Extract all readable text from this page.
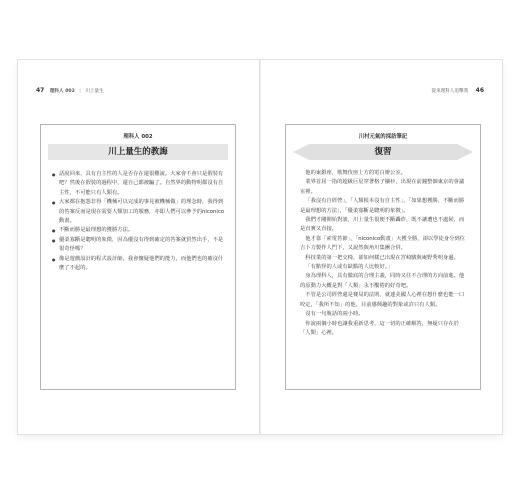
47 理科人 002 | 川上量生
理科人 002
川上量生的教誨
● 話說回來，具有自主性的人是否存在還很難說。大家會不會只是假裝有吧？然後在假裝的過程中，還自己都被騙了。自然界的動物明都沒有自主性，不可能只有人類有。
● 大家都在抱怨非得「機械可以完成的事見被機械做」的理念時，我得到的答案反而是現在需要人類加工的服務，亦即人們可以參予的niconico動畫。
● 不斷而勝是最理想的獲勝方法。
● 優柔寡斷是聰明的象徵，因為優沒有得到確定的答案就貿然出手，不是很奇怪嗎？
● 像是遊戲設計的程式設計師，我會懷疑他們的能力，而他們也的確沒什麼了不起的。
從來理科人追擊我 46
川村元氣的採訪筆記
復習

他的東銀座，歌舞伎座上方的電白辦公室。

業界首屈一指的超級巨星穿著格子襯衫，出現在前鐘整個東京的會議室裡。

「我沒有自經營」，「人類根本沒有自主性」，「如果想獲勝，不斷而勝是最理想的方法」，「優柔寡斷是聰明的象徵」。

我們才剛開始對談，川上量生很便不斷轟炸，既不讓遭也不處候，而是直實又直接。

他才靠「索電答節」，「niconico動畫」大獲全勝，卻以學徒身分到位吉卜力製作人門下，又說然與角川集團合併。

科技業的第一把交椅，卻如何樣已出現在宮崎駿與庵野秀明身邊。

「有點怪的人或有缺點的人比較好。」

身為理科人，具有徹底的合理主義，同時又往不合理的方向前進。他的原動力大概是對「人類」永不饜倦的好奇吧。

不管是公司經營還是賽局的法則，就連美國人心裡在想什麼也能一口咬定，「我所不知」的他，目前感興趣的對象或許只有人類。

沒有一句脫話的兩小時。

你說兩個小時也讓我重新思考，這一切的正確解答，無疑只存在於「人類」心裡。
